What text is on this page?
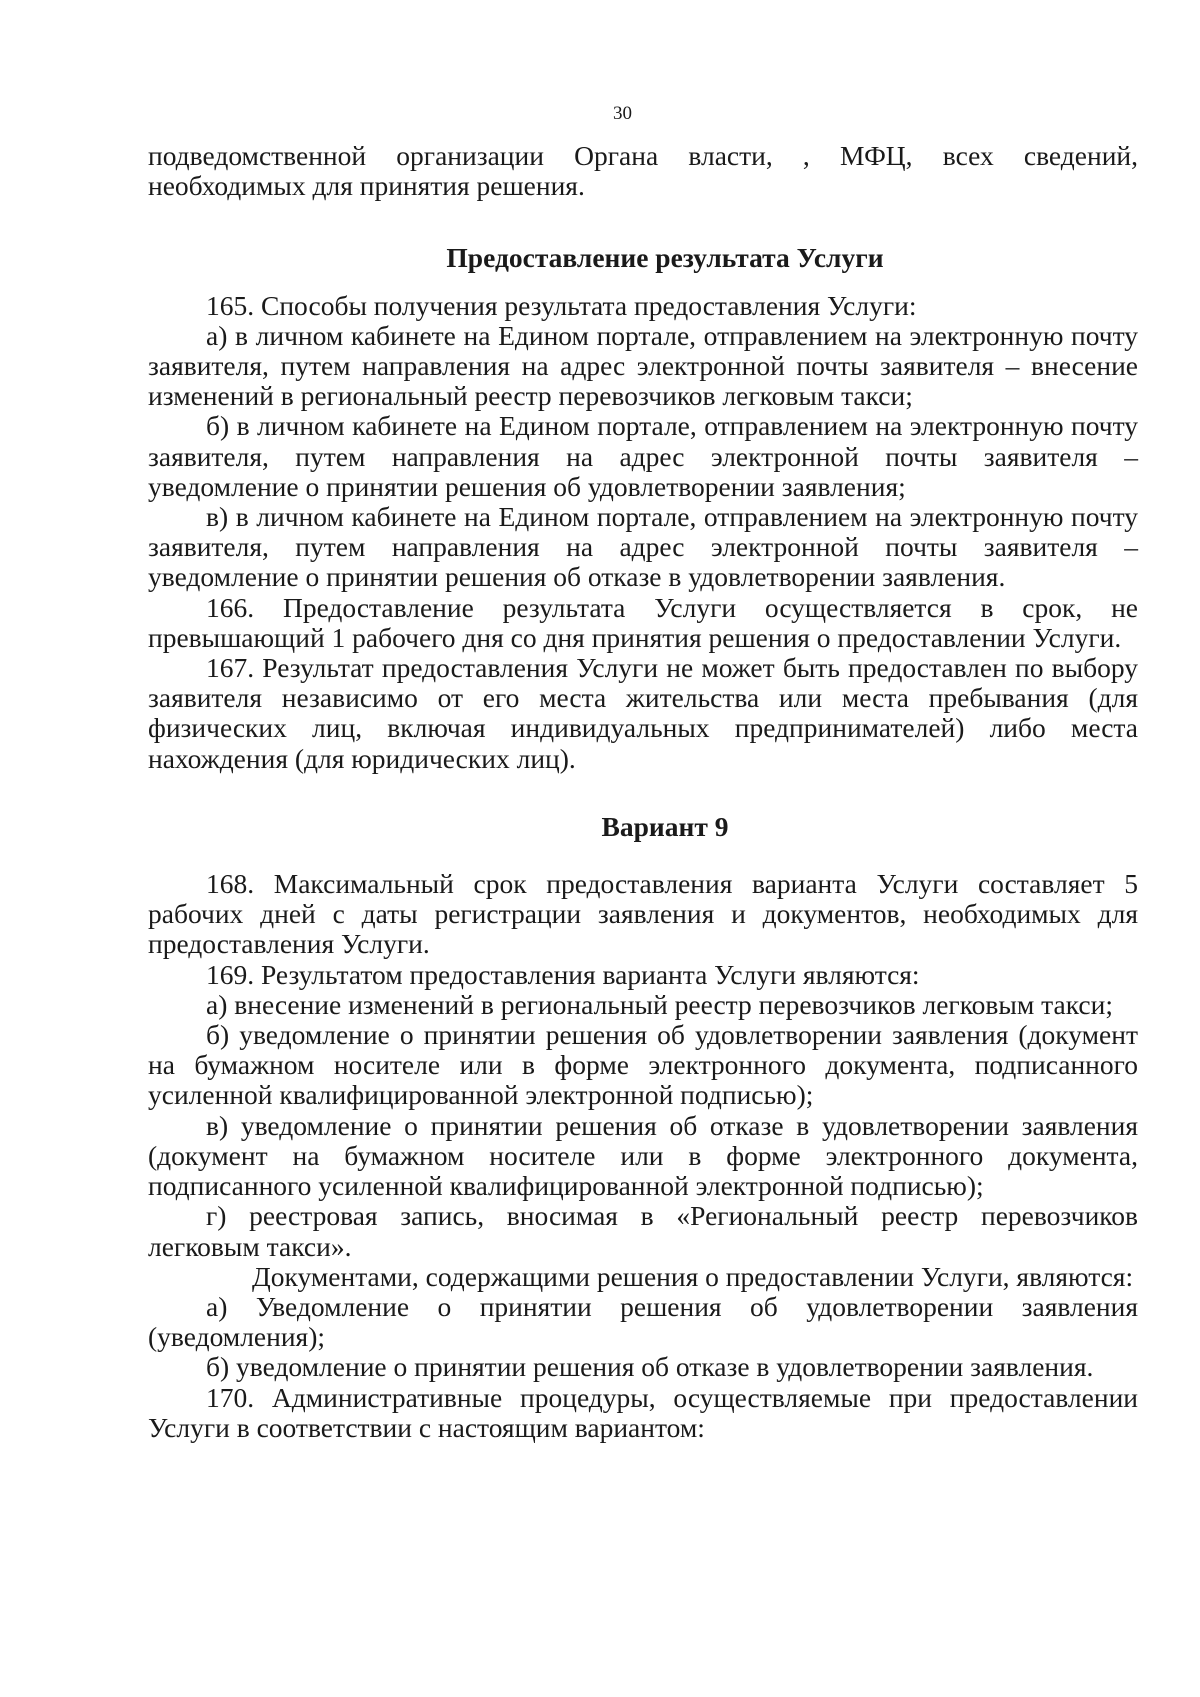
30

подведомственной организации Органа власти, , МФЦ, всех сведений, необходимых для принятия решения.

Предоставление результата Услуги

165. Способы получения результата предоставления Услуги:

а) в личном кабинете на Едином портале, отправлением на электронную почту заявителя, путем направления на адрес электронной почты заявителя – внесение изменений в региональный реестр перевозчиков легковым такси;

б) в личном кабинете на Едином портале, отправлением на электронную почту заявителя, путем направления на адрес электронной почты заявителя – уведомление о принятии решения об удовлетворении заявления;

в) в личном кабинете на Едином портале, отправлением на электронную почту заявителя, путем направления на адрес электронной почты заявителя – уведомление о принятии решения об отказе в удовлетворении заявления.

166. Предоставление результата Услуги осуществляется в срок, не превышающий 1 рабочего дня со дня принятия решения о предоставлении Услуги.

167. Результат предоставления Услуги не может быть предоставлен по выбору заявителя независимо от его места жительства или места пребывания (для физических лиц, включая индивидуальных предпринимателей) либо места нахождения (для юридических лиц).

Вариант 9

168. Максимальный срок предоставления варианта Услуги составляет 5 рабочих дней с даты регистрации заявления и документов, необходимых для предоставления Услуги.

169. Результатом предоставления варианта Услуги являются:

а) внесение изменений в региональный реестр перевозчиков легковым такси;

б) уведомление о принятии решения об удовлетворении заявления (документ на бумажном носителе или в форме электронного документа, подписанного усиленной квалифицированной электронной подписью);

в) уведомление о принятии решения об отказе в удовлетворении заявления (документ на бумажном носителе или в форме электронного документа, подписанного усиленной квалифицированной электронной подписью);

г) реестровая запись, вносимая в «Региональный реестр перевозчиков легковым такси».

Документами, содержащими решения о предоставлении Услуги, являются:

а) Уведомление о принятии решения об удовлетворении заявления (уведомления);

б) уведомление о принятии решения об отказе в удовлетворении заявления.

170. Административные процедуры, осуществляемые при предоставлении Услуги в соответствии с настоящим вариантом:
